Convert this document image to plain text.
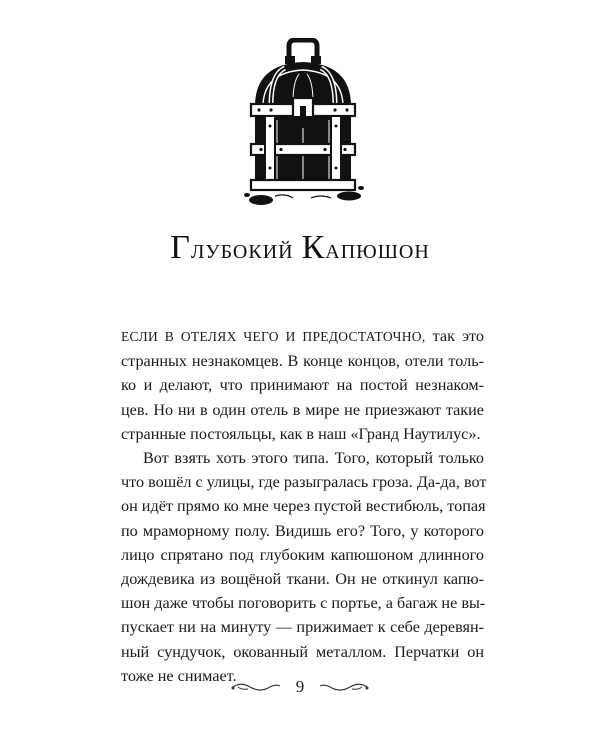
Глубокий Капюшон
ЕСЛИ В ОТЕЛЯХ ЧЕГО И ПРЕДОСТАТОЧНО, так это
странных незнакомцев. В конце концов, отели толь-
ко и делают, что принимают на постой незнаком-
цев. Но ни в один отель в мире не приезжают такие
странные постояльцы, как в наш «Гранд Наутилус».
Вот взять хоть этого типа. Того, который только
что вошёл с улицы, где разыгралась гроза. Да-да, вот
он идёт прямо ко мне через пустой вестибюль, топая
по мраморному полу. Видишь его? Того, у которого
лицо спрятано под глубоким капюшоном длинного
дождевика из вощёной ткани. Он не откинул капю-
шон даже чтобы поговорить с портье, а багаж не вы-
пускает ни на минуту — прижимает к себе деревян-
ный сундучок, окованный металлом. Перчатки он
тоже не снимает.
9
